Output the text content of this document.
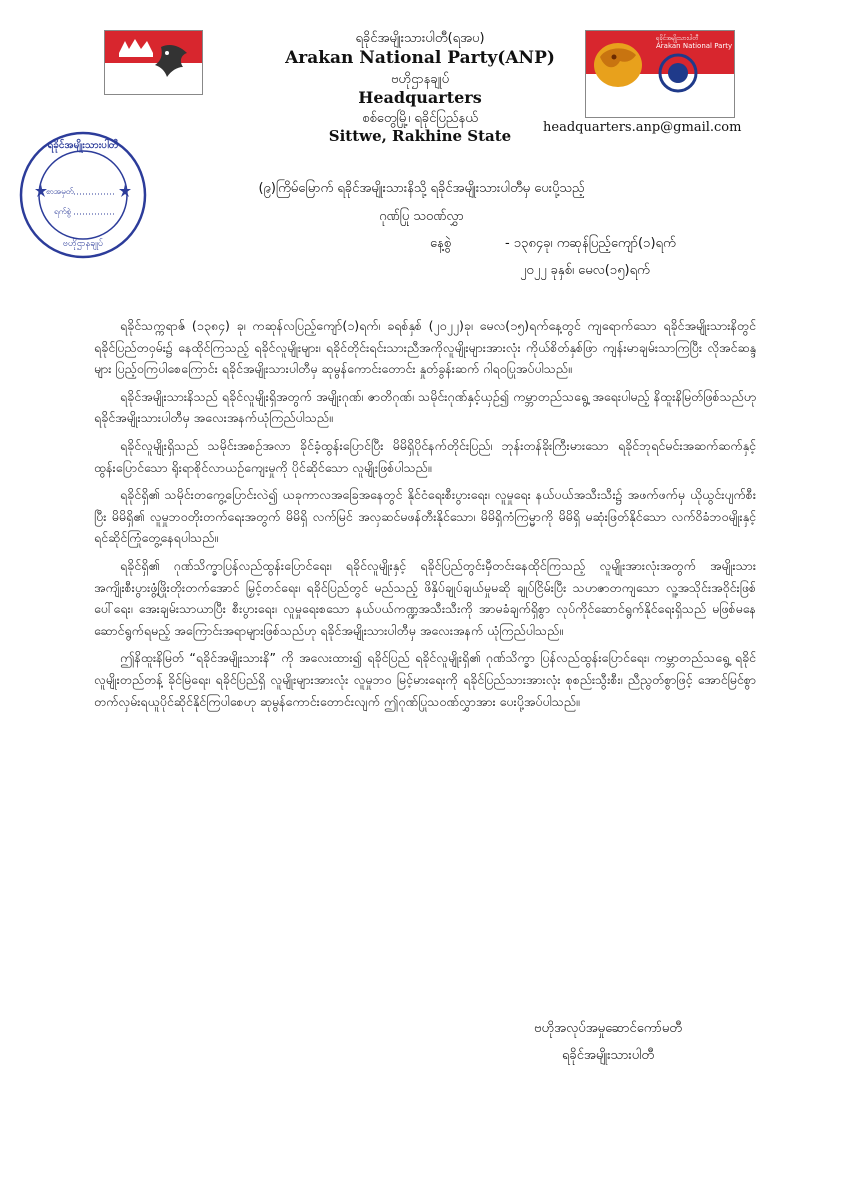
ရခိုင်အမျိုးသားပါတီ(ရအပ)
Arakan National Party(ANP)
ဗဟိုဌာနချုပ်
Headquarters
စစ်တွေမြို့၊ ရခိုင်ပြည်နယ်
Sittwe, Rakhine State
ရခိုင်အမျိုးသားပါတီ
Arakan National Party
headquarters.anp@gmail.com
ရခိုင်အမျိုးသားပါတီ
စာအမှတ်
ရက်စွဲ
ဗဟိုဌာနချုပ်
(၉)ကြိမ်မြောက် ရခိုင်အမျိုးသားနိသို့ ရခိုင်အမျိုးသားပါတီမှ ပေးပို့သည့်
ဂုဏ်ပြု သဝဏ်လွှာ
နေ့စွဲ	- ၁၃၈၄ခု၊ ကဆုန်ပြည့်ကျော်(၁)ရက်
၂၀၂၂ ခုနှစ်၊ မေလ(၁၅)ရက်

ရခိုင်သက္ကရာဇ် (၁၃၈၄) ခု၊ ကဆုန်လပြည့်ကျော်(၁)ရက်၊ ခရစ်နှစ် (၂၀၂၂)ခု၊ မေလ(၁၅)ရက်နေ့တွင် ကျရောက်သော ရခိုင်အမျိုးသားနိတွင် ရခိုင်ပြည်တဝှမ်း၌ နေထိုင်ကြသည့် ရခိုင်လူမျိုးများ၊ ရခိုင်တိုင်းရင်းသားညီအကိုလူမျိုးများအားလုံး ကိုယ်စိတ်နှစ်ဖြာ ကျန်းမာချမ်းသာကြပြီး လိုအင်ဆန္ဒများ ပြည့်ဝကြပါစေကြောင်း ရခိုင်အမျိုးသားပါတီမှ ဆုမွန်ကောင်းတောင်း နှုတ်ခွန်းဆက် ဂါရဝပြုအပ်ပါသည်။

ရခိုင်အမျိုးသားနိသည် ရခိုင်လူမျိုးရှိအတွက် အမျိုးဂုဏ်၊ ဇာတိဂုဏ်၊ သမိုင်းဂုဏ်နှင့်ယှဉ်၍ ကမ္ဘာတည်သရွေ့ အရေးပါမည့် နိထူးနိမြတ်ဖြစ်သည်ဟု ရခိုင်အမျိုးသားပါတီမှ အလေးအနက်ယုံကြည်ပါသည်။

ရခိုင်လူမျိုးရှိသည် သမိုင်းအစဉ်အလာ ခိုင်ခံ့ထွန်းပြောင်ပြီး မိမိရှိပိုင်နက်တိုင်းပြည်၊ ဘုန်းတန်ခိုးကြီးမားသော ရခိုင်ဘုရင်မင်းအဆက်ဆက်နှင့် ထွန်းပြောင်သော ရိုးရာစိုင်လာယဉ်ကျေးမှုကို ပိုင်ဆိုင်သော လူမျိုးဖြစ်ပါသည်။

ရခိုင်ရှိ၏ သမိုင်းတကွေ့ပြောင်းလဲ၍ ယခုကာလအခြေအနေတွင် နိုင်ငံရေးစီးပွားရေး၊ လူမှုရေး နယ်ပယ်အသီးသီး၌ အဖက်ဖက်မှ ယိုယွင်းပျက်စီးပြီး မိမိရှိ၏ လူမှုဘဝတိုးတက်ရေးအတွက် မိမိရှိ လက်မြင် အလှဆင်မဖန်တီးနိုင်သော၊ မိမိရှိကံကြမ္မာကို မိမိရှိ မဆုံးဖြတ်နိုင်သော လက်ဝိခံဘဝမျိုးနှင့် ရင်ဆိုင်ကြုံတွေ့နေရပါသည်။

ရခိုင်ရှိ၏ ဂုဏ်သိက္ခာပြန်လည်ထွန်းပြောင်ရေး၊ ရခိုင်လူမျိုးနှင့် ရခိုင်ပြည်တွင်းမှီတင်းနေထိုင်ကြသည့် လူမျိုးအားလုံးအတွက် အမျိုးသားအကျိုးစီးပွားဖွံ့ဖြိုးတိုးတက်အောင် မြှင့်တင်ရေး၊ ရခိုင်ပြည်တွင် မည်သည့် ဖိနှိပ်ချုပ်ချယ်မှုမဆို ချုပ်ငြိမ်းပြီး သဟဇာတကျသော လူ့အသိုင်းအဝိုင်းဖြစ်ပေါ်ရေး၊ အေးချမ်းသာယာပြီး စီးပွားရေး၊ လူမှုရေးစသော နယ်ပယ်ကဏ္ဍအသီးသီးကို အာမခံချက်ရှိစွာ လုပ်ကိုင်ဆောင်ရွက်နိုင်ရေးရှိသည် မဖြစ်မနေဆောင်ရွက်ရမည့် အကြောင်းအရာများဖြစ်သည်ဟု ရခိုင်အမျိုးသားပါတီမှ အလေးအနက် ယုံကြည်ပါသည်။

ဤနိထူးနိမြတ် “ရခိုင်အမျိုးသားနိ” ကို အလေးထား၍ ရခိုင်ပြည် ရခိုင်လူမျိုးရှိ၏ ဂုဏ်သိက္ခာ ပြန်လည်ထွန်းပြောင်ရေး၊ ကမ္ဘာတည်သရွေ့ ရခိုင်လူမျိုးတည်တန့် ခိုင်မြဲရေး၊ ရခိုင်ပြည်ရှိ လူမျိုးများအားလုံး လူမှုဘဝ မြင့်မားရေးကို ရခိုင်ပြည်သားအားလုံး စုစည်းသွီးစီး၊ ညီညွတ်စွာဖြင့် အောင်မြင်စွာ တက်လှမ်းရယူပိုင်ဆိုင်နိုင်ကြပါစေဟု ဆုမွန်ကောင်းတောင်းလျက် ဤဂုဏ်ပြုသဝဏ်လွှာအား ပေးပို့အပ်ပါသည်။

ဗဟိုအလုပ်အမှုဆောင်ကော်မတီ
ရခိုင်အမျိုးသားပါတီ
